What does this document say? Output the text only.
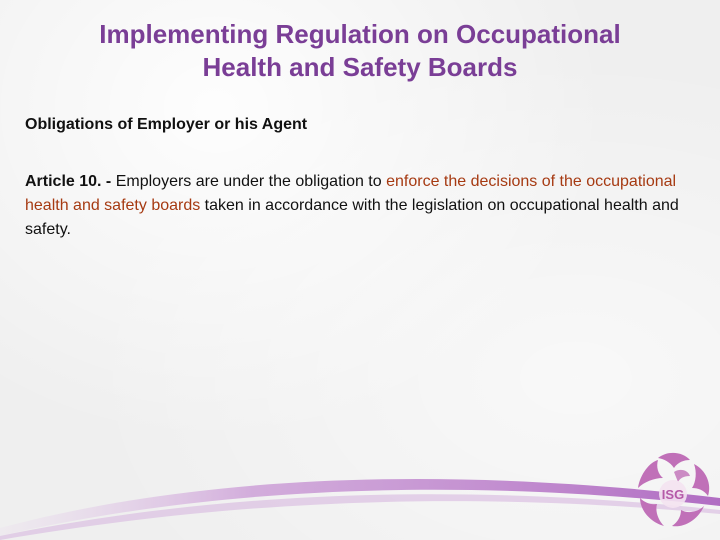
Implementing Regulation on Occupational
Health and Safety Boards
Obligations of Employer or his Agent
Article 10. - Employers are under the obligation to enforce the decisions of the occupational health and safety boards taken in accordance with the legislation on occupational health and safety.
ISG
